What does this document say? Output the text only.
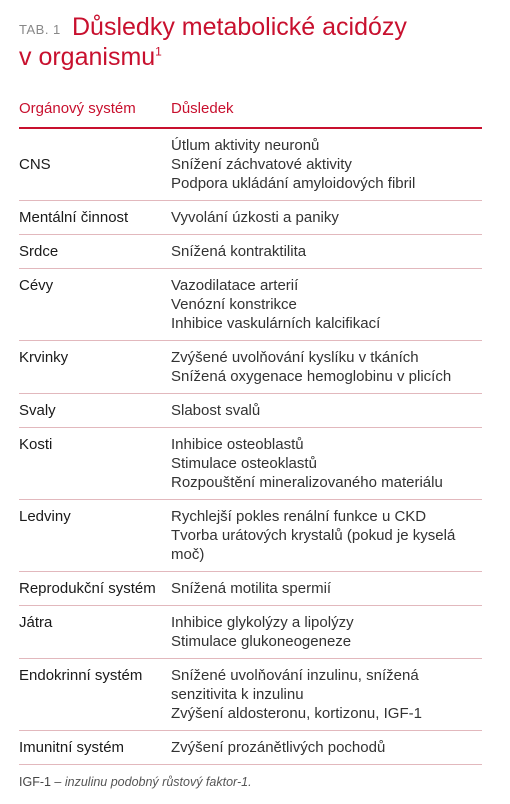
TAB. 1 Důsledky metabolické acidózy
v organismu$^1$
Orgánový systém	Důsledek
CNS	Útlum aktivity neuronů
Snížení záchvatové aktivity
Podpora ukládání amyloidových fibril

Mentální činnost	Vyvolání úzkosti a paniky

Srdce	Snížená kontraktilita

Cévy	Vazodilatace arterií
Venózní konstrikce
Inhibice vaskulárních kalcifikací

Krvinky	Zvýšené uvolňování kyslíku v tkáních
Snížená oxygenace hemoglobinu v plicích

Svaly	Slabost svalů

Kosti	Inhibice osteoblastů
Stimulace osteoklastů
Rozpouštění mineralizovaného materiálu

Ledviny	Rychlejší pokles renální funkce u CKD
Tvorba urátových krystalů (pokud je kyselá moč)

Reprodukční systém	Snížená motilita spermií

Játra	Inhibice glykolýzy a lipolýzy
Stimulace glukoneogeneze

Endokrinní systém	Snížené uvolňování inzulinu, snížená senzitivita k inzulinu
Zvýšení aldosteronu, kortizonu, IGF-1

Imunitní systém	Zvýšení prozánětlivých pochodů
IGF-1 – inzulinu podobný růstový faktor-1.
